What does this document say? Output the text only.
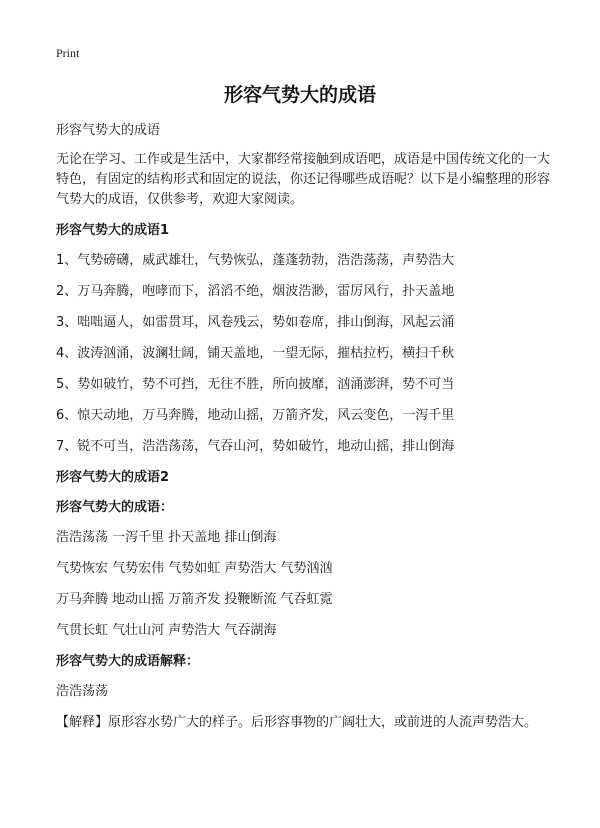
Print
形容气势大的成语

形容气势大的成语

无论在学习、工作或是生活中，大家都经常接触到成语吧，成语是中国传统文化的一大特色，有固定的结构形式和固定的说法，你还记得哪些成语呢？以下是小编整理的形容气势大的成语，仅供参考，欢迎大家阅读。

形容气势大的成语1

1、气势磅礴，威武雄壮，气势恢弘，蓬蓬勃勃，浩浩荡荡，声势浩大
2、万马奔腾，咆哮而下，滔滔不绝，烟波浩渺，雷厉风行，扑天盖地
3、咄咄逼人，如雷贯耳，风卷残云，势如卷席，排山倒海，风起云涌
4、波涛汹涌，波澜壮阔，铺天盖地，一望无际，摧枯拉朽，横扫千秋
5、势如破竹，势不可挡，无往不胜，所向披靡，汹涌澎湃，势不可当
6、惊天动地，万马奔腾，地动山摇，万箭齐发，风云变色，一泻千里
7、锐不可当，浩浩荡荡，气吞山河，势如破竹，地动山摇，排山倒海

形容气势大的成语2

形容气势大的成语：

浩浩荡荡 一泻千里 扑天盖地 排山倒海

气势恢宏 气势宏伟 气势如虹 声势浩大 气势汹汹

万马奔腾 地动山摇 万箭齐发 投鞭断流 气吞虹霓

气贯长虹 气壮山河 声势浩大 气吞湖海

形容气势大的成语解释：

浩浩荡荡

【解释】原形容水势广大的样子。后形容事物的广阔壮大，或前进的人流声势浩大。
